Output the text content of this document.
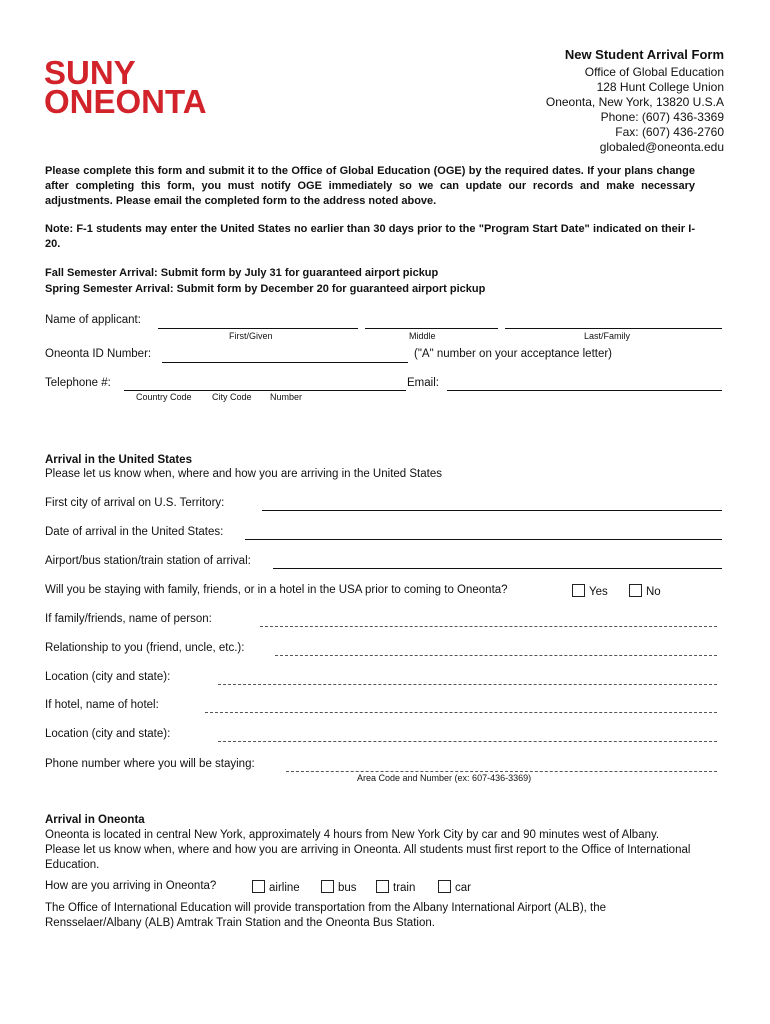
SUNY
ONEONTA
New Student Arrival Form
Office of Global Education
128 Hunt College Union
Oneonta, New York, 13820 U.S.A
Phone: (607) 436-3369
Fax: (607) 436-2760
globaled@oneonta.edu
Please complete this form and submit it to the Office of Global Education (OGE) by the required dates. If your plans change after completing this form, you must notify OGE immediately so we can update our records and make necessary adjustments. Please email the completed form to the address noted above.
Note: F-1 students may enter the United States no earlier than 30 days prior to the "Program Start Date" indicated on their I-20.
Fall Semester Arrival: Submit form by July 31 for guaranteed airport pickup
Spring Semester Arrival: Submit form by December 20 for guaranteed airport pickup
Name of applicant:
First/Given	Middle	Last/Family
Oneonta ID Number:	("A" number on your acceptance letter)
Telephone #:	Email:
Country Code City Code Number
Arrival in the United States
Please let us know when, where and how you are arriving in the United States
First city of arrival on U.S. Territory:
Date of arrival in the United States:
Airport/bus station/train station of arrival:
Will you be staying with family, friends, or in a hotel in the USA prior to coming to Oneonta?	Yes	No
If family/friends, name of person:
Relationship to you (friend, uncle, etc.):
Location (city and state):
If hotel, name of hotel:
Location (city and state):
Phone number where you will be staying:
Area Code and Number (ex: 607-436-3369)
Arrival in Oneonta
Oneonta is located in central New York, approximately 4 hours from New York City by car and 90 minutes west of Albany. Please let us know when, where and how you are arriving in Oneonta. All students must first report to the Office of International Education.
How are you arriving in Oneonta?	airline	bus	train	car
The Office of International Education will provide transportation from the Albany International Airport (ALB), the Rensselaer/Albany (ALB) Amtrak Train Station and the Oneonta Bus Station.
